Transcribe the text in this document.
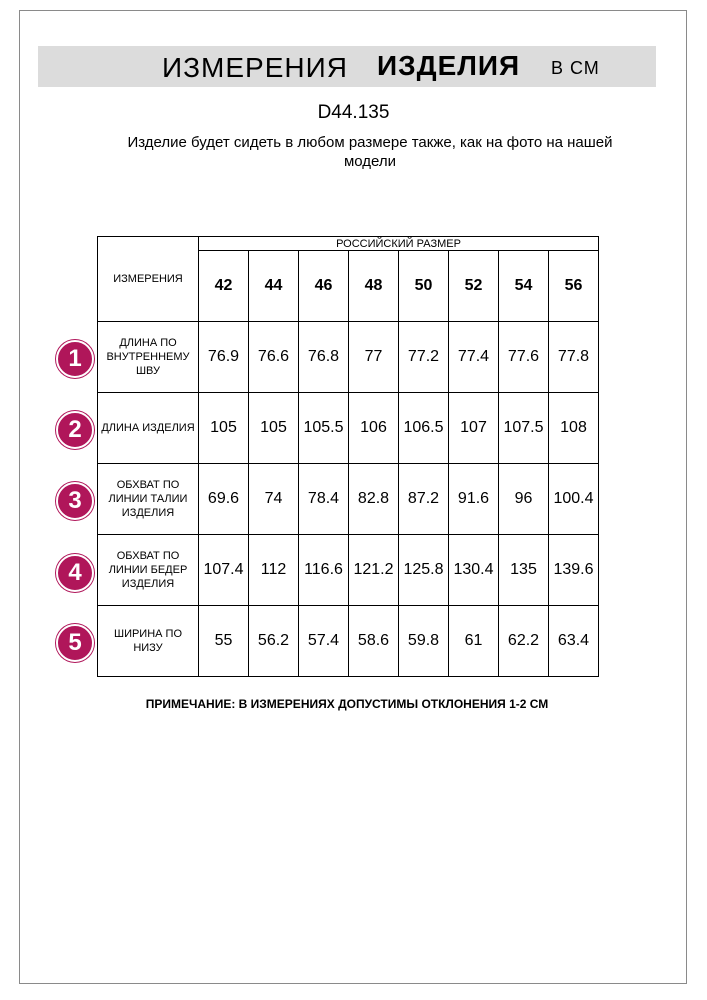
ИЗМЕРЕНИЯ ИЗДЕЛИЯ В СМ
D44.135
Изделие будет сидеть в любом размере также, как на фото на нашей модели
ИЗМЕРЕНИЯ	РОССИЙСКИЙ РАЗМЕР							
	42	44	46	48	50	52	54	56
ДЛИНА ПО ВНУТРЕННЕМУ ШВУ	76.9	76.6	76.8	77	77.2	77.4	77.6	77.8
ДЛИНА ИЗДЕЛИЯ	105	105	105.5	106	106.5	107	107.5	108
ОБХВАТ ПО ЛИНИИ ТАЛИИ ИЗДЕЛИЯ	69.6	74	78.4	82.8	87.2	91.6	96	100.4
ОБХВАТ ПО ЛИНИИ БЕДЕР ИЗДЕЛИЯ	107.4	112	116.6	121.2	125.8	130.4	135	139.6
ШИРИНА ПО НИЗУ	55	56.2	57.4	58.6	59.8	61	62.2	63.4
1
2
3
4
5
ПРИМЕЧАНИЕ: В ИЗМЕРЕНИЯХ ДОПУСТИМЫ ОТКЛОНЕНИЯ 1-2 СМ
